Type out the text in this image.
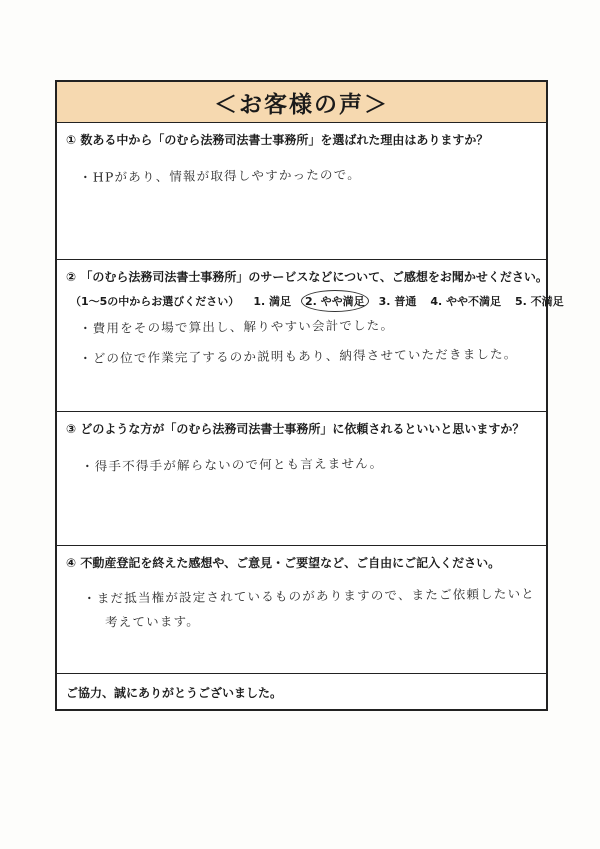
＜お客様の声＞
① 数ある中から「のむら法務司法書士事務所」を選ばれた理由はありますか？
・HPがあり、情報が取得しやすかったので。
② 「のむら法務司法書士事務所」のサービスなどについて、ご感想をお聞かせください。
（1～5の中からお選びください） 1. 満足 2. やや満足 3. 普通 4. やや不満足 5. 不満足
・費用をその場で算出し、解りやすい会計でした。
・どの位で作業完了するのか説明もあり、納得させていただきました。
③ どのような方が「のむら法務司法書士事務所」に依頼されるといいと思いますか？
・得手不得手が解らないので何とも言えません。
④ 不動産登記を終えた感想や、ご意見・ご要望など、ご自由にご記入ください。
・まだ抵当権が設定されているものがありますので、またご依頼したいと
考えています。
ご協力、誠にありがとうございました。
